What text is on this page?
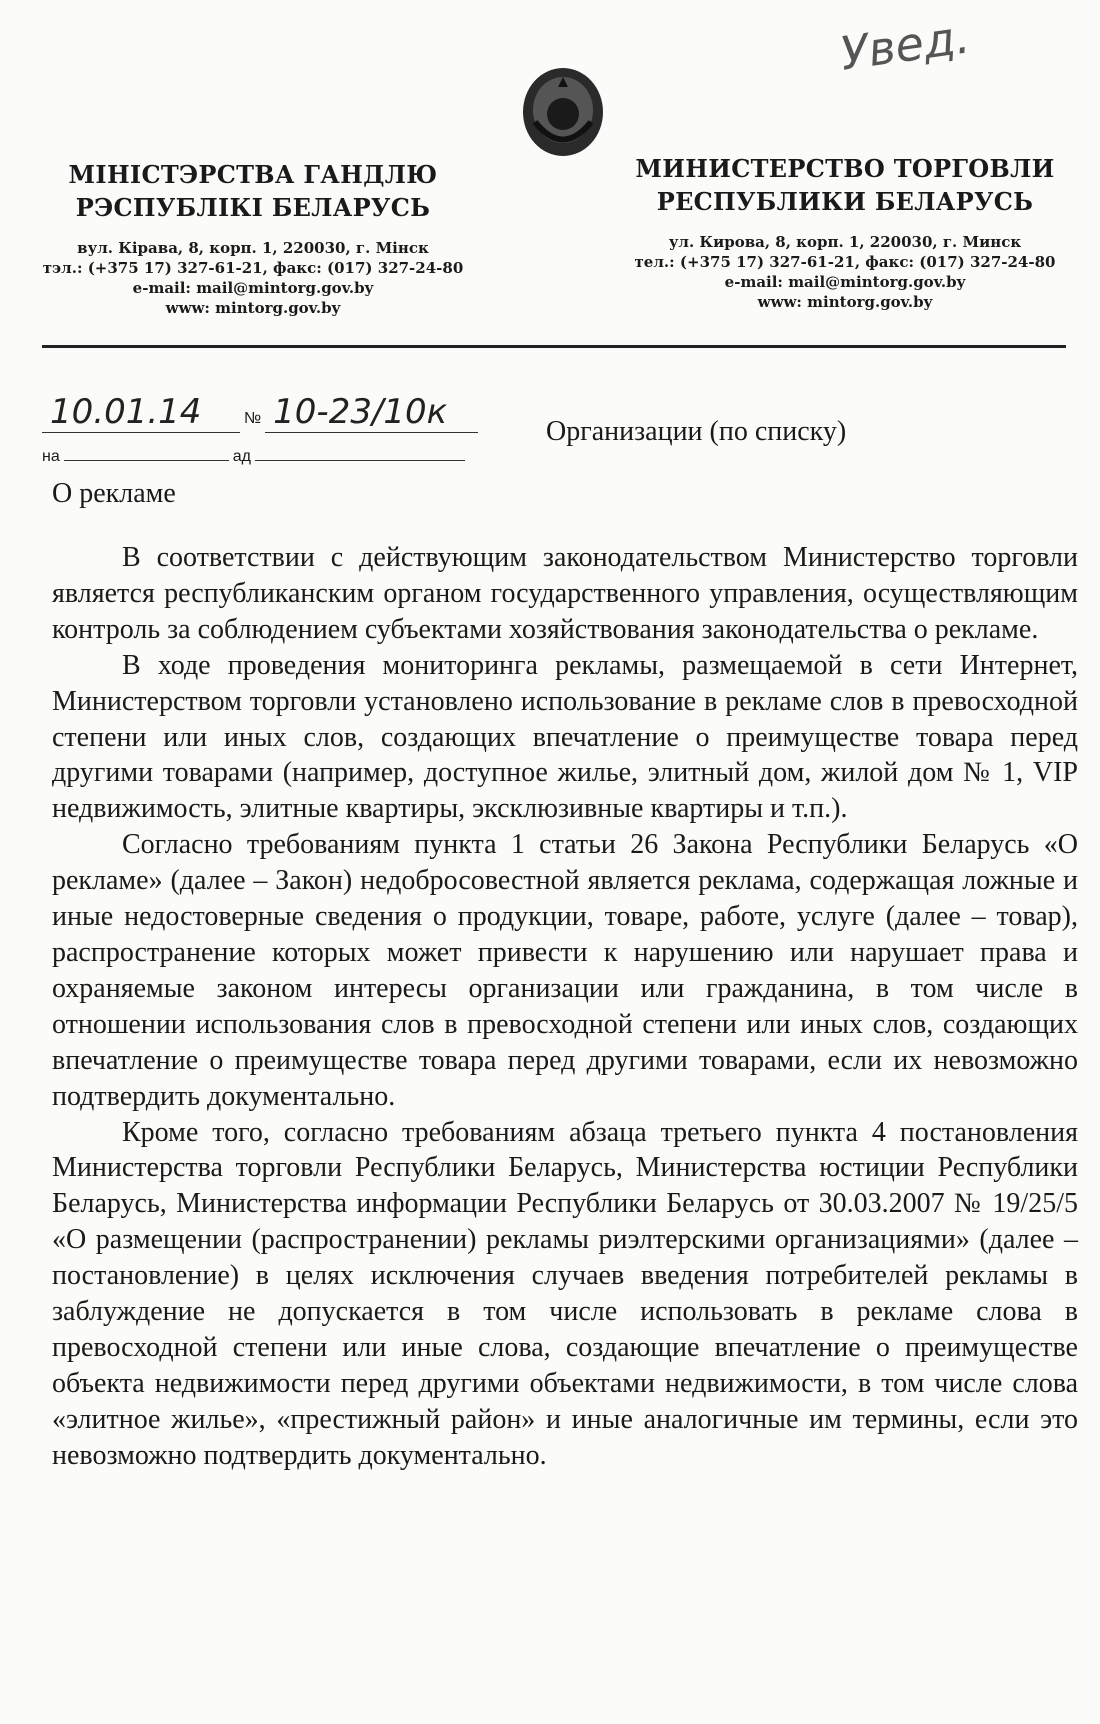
Увед.
МІНІСТЭРСТВА ГАНДЛЮ
РЭСПУБЛІКІ БЕЛАРУСЬ
вул. Кірава, 8, корп. 1, 220030, г. Мінск
тэл.: (+375 17) 327-61-21, факс: (017) 327-24-80
e-mail: mail@mintorg.gov.by
www: mintorg.gov.by
МИНИСТЕРСТВО ТОРГОВЛИ
РЕСПУБЛИКИ БЕЛАРУСЬ
ул. Кирова, 8, корп. 1, 220030, г. Минск
тел.: (+375 17) 327-61-21, факс: (017) 327-24-80
e-mail: mail@mintorg.gov.by
www: mintorg.gov.by
10.01.14	№ 10-23/10к
на	ад
Организации (по списку)
О рекламе

В соответствии с действующим законодательством Министерство торговли является республиканским органом государственного управления, осуществляющим контроль за соблюдением субъектами хозяйствования законодательства о рекламе.

В ходе проведения мониторинга рекламы, размещаемой в сети Интернет, Министерством торговли установлено использование в рекламе слов в превосходной степени или иных слов, создающих впечатление о преимуществе товара перед другими товарами (например, доступное жилье, элитный дом, жилой дом № 1, VIP недвижимость, элитные квартиры, эксклюзивные квартиры и т.п.).

Согласно требованиям пункта 1 статьи 26 Закона Республики Беларусь «О рекламе» (далее – Закон) недобросовестной является реклама, содержащая ложные и иные недостоверные сведения о продукции, товаре, работе, услуге (далее – товар), распространение которых может привести к нарушению или нарушает права и охраняемые законом интересы организации или гражданина, в том числе в отношении использования слов в превосходной степени или иных слов, создающих впечатление о преимуществе товара перед другими товарами, если их невозможно подтвердить документально.

Кроме того, согласно требованиям абзаца третьего пункта 4 постановления Министерства торговли Республики Беларусь, Министерства юстиции Республики Беларусь, Министерства информации Республики Беларусь от 30.03.2007 № 19/25/5 «О размещении (распространении) рекламы риэлтерскими организациями» (далее – постановление) в целях исключения случаев введения потребителей рекламы в заблуждение не допускается в том числе использовать в рекламе слова в превосходной степени или иные слова, создающие впечатление о преимуществе объекта недвижимости перед другими объектами недвижимости, в том числе слова «элитное жилье», «престижный район» и иные аналогичные им термины, если это невозможно подтвердить документально.
